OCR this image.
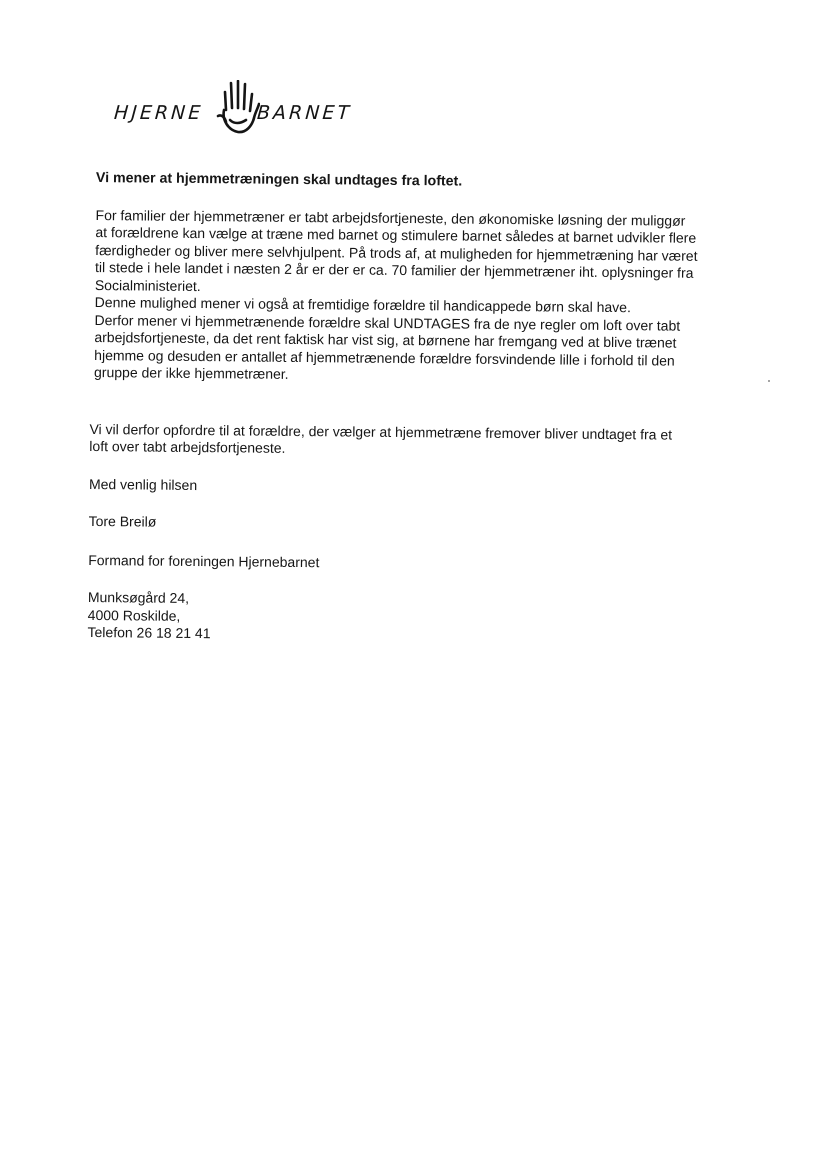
HJERNE	BARNET
Vi mener at hjemmetræningen skal undtages fra loftet.
For familier der hjemmetræner er tabt arbejdsfortjeneste, den økonomiske løsning der muliggør
at forældrene kan vælge at træne med barnet og stimulere barnet således at barnet udvikler flere
færdigheder og bliver mere selvhjulpent. På trods af, at muligheden for hjemmetræning har været
til stede i hele landet i næsten 2 år er der er ca. 70 familier der hjemmetræner iht. oplysninger fra
Socialministeriet.
Denne mulighed mener vi også at fremtidige forældre til handicappede børn skal have.
Derfor mener vi hjemmetrænende forældre skal UNDTAGES fra de nye regler om loft over tabt
arbejdsfortjeneste, da det rent faktisk har vist sig, at børnene har fremgang ved at blive trænet
hjemme og desuden er antallet af hjemmetrænende forældre forsvindende lille i forhold til den
gruppe der ikke hjemmetræner.
Vi vil derfor opfordre til at forældre, der vælger at hjemmetræne fremover bliver undtaget fra et
loft over tabt arbejdsfortjeneste.
Med venlig hilsen
Tore Breilø
Formand for foreningen Hjernebarnet
Munksøgård 24,
4000 Roskilde,
Telefon 26 18 21 41
